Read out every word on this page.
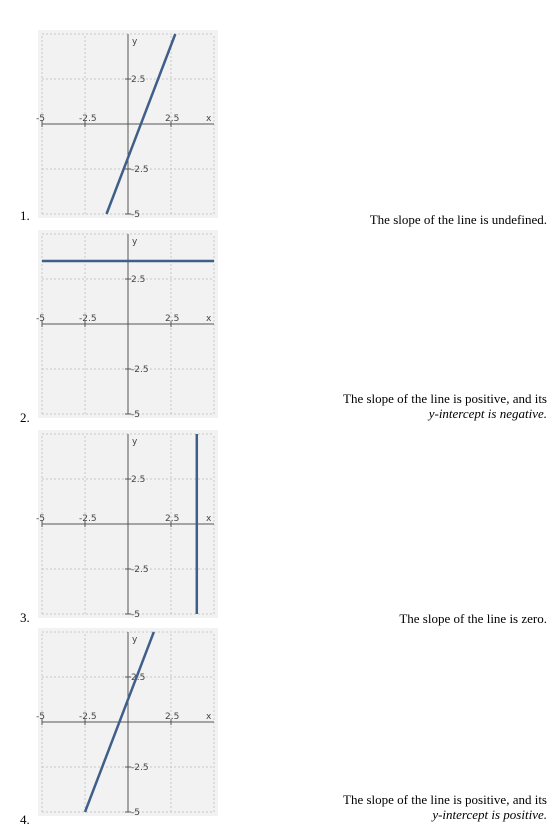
-5	-2.5	2.5
2.5
-2.5
-5
x
y
1.
-5	-2.5	2.5
2.5
-2.5
-5
x
y
2.
-5	-2.5	2.5
2.5
-2.5
-5
x
y
3.
-5	-2.5	2.5
2.5
-2.5
-5
x
y
4.
The slope of the line is undefined.
The slope of the line is positive, and its
y-intercept is negative.
The slope of the line is zero.
The slope of the line is positive, and its
y-intercept is positive.
